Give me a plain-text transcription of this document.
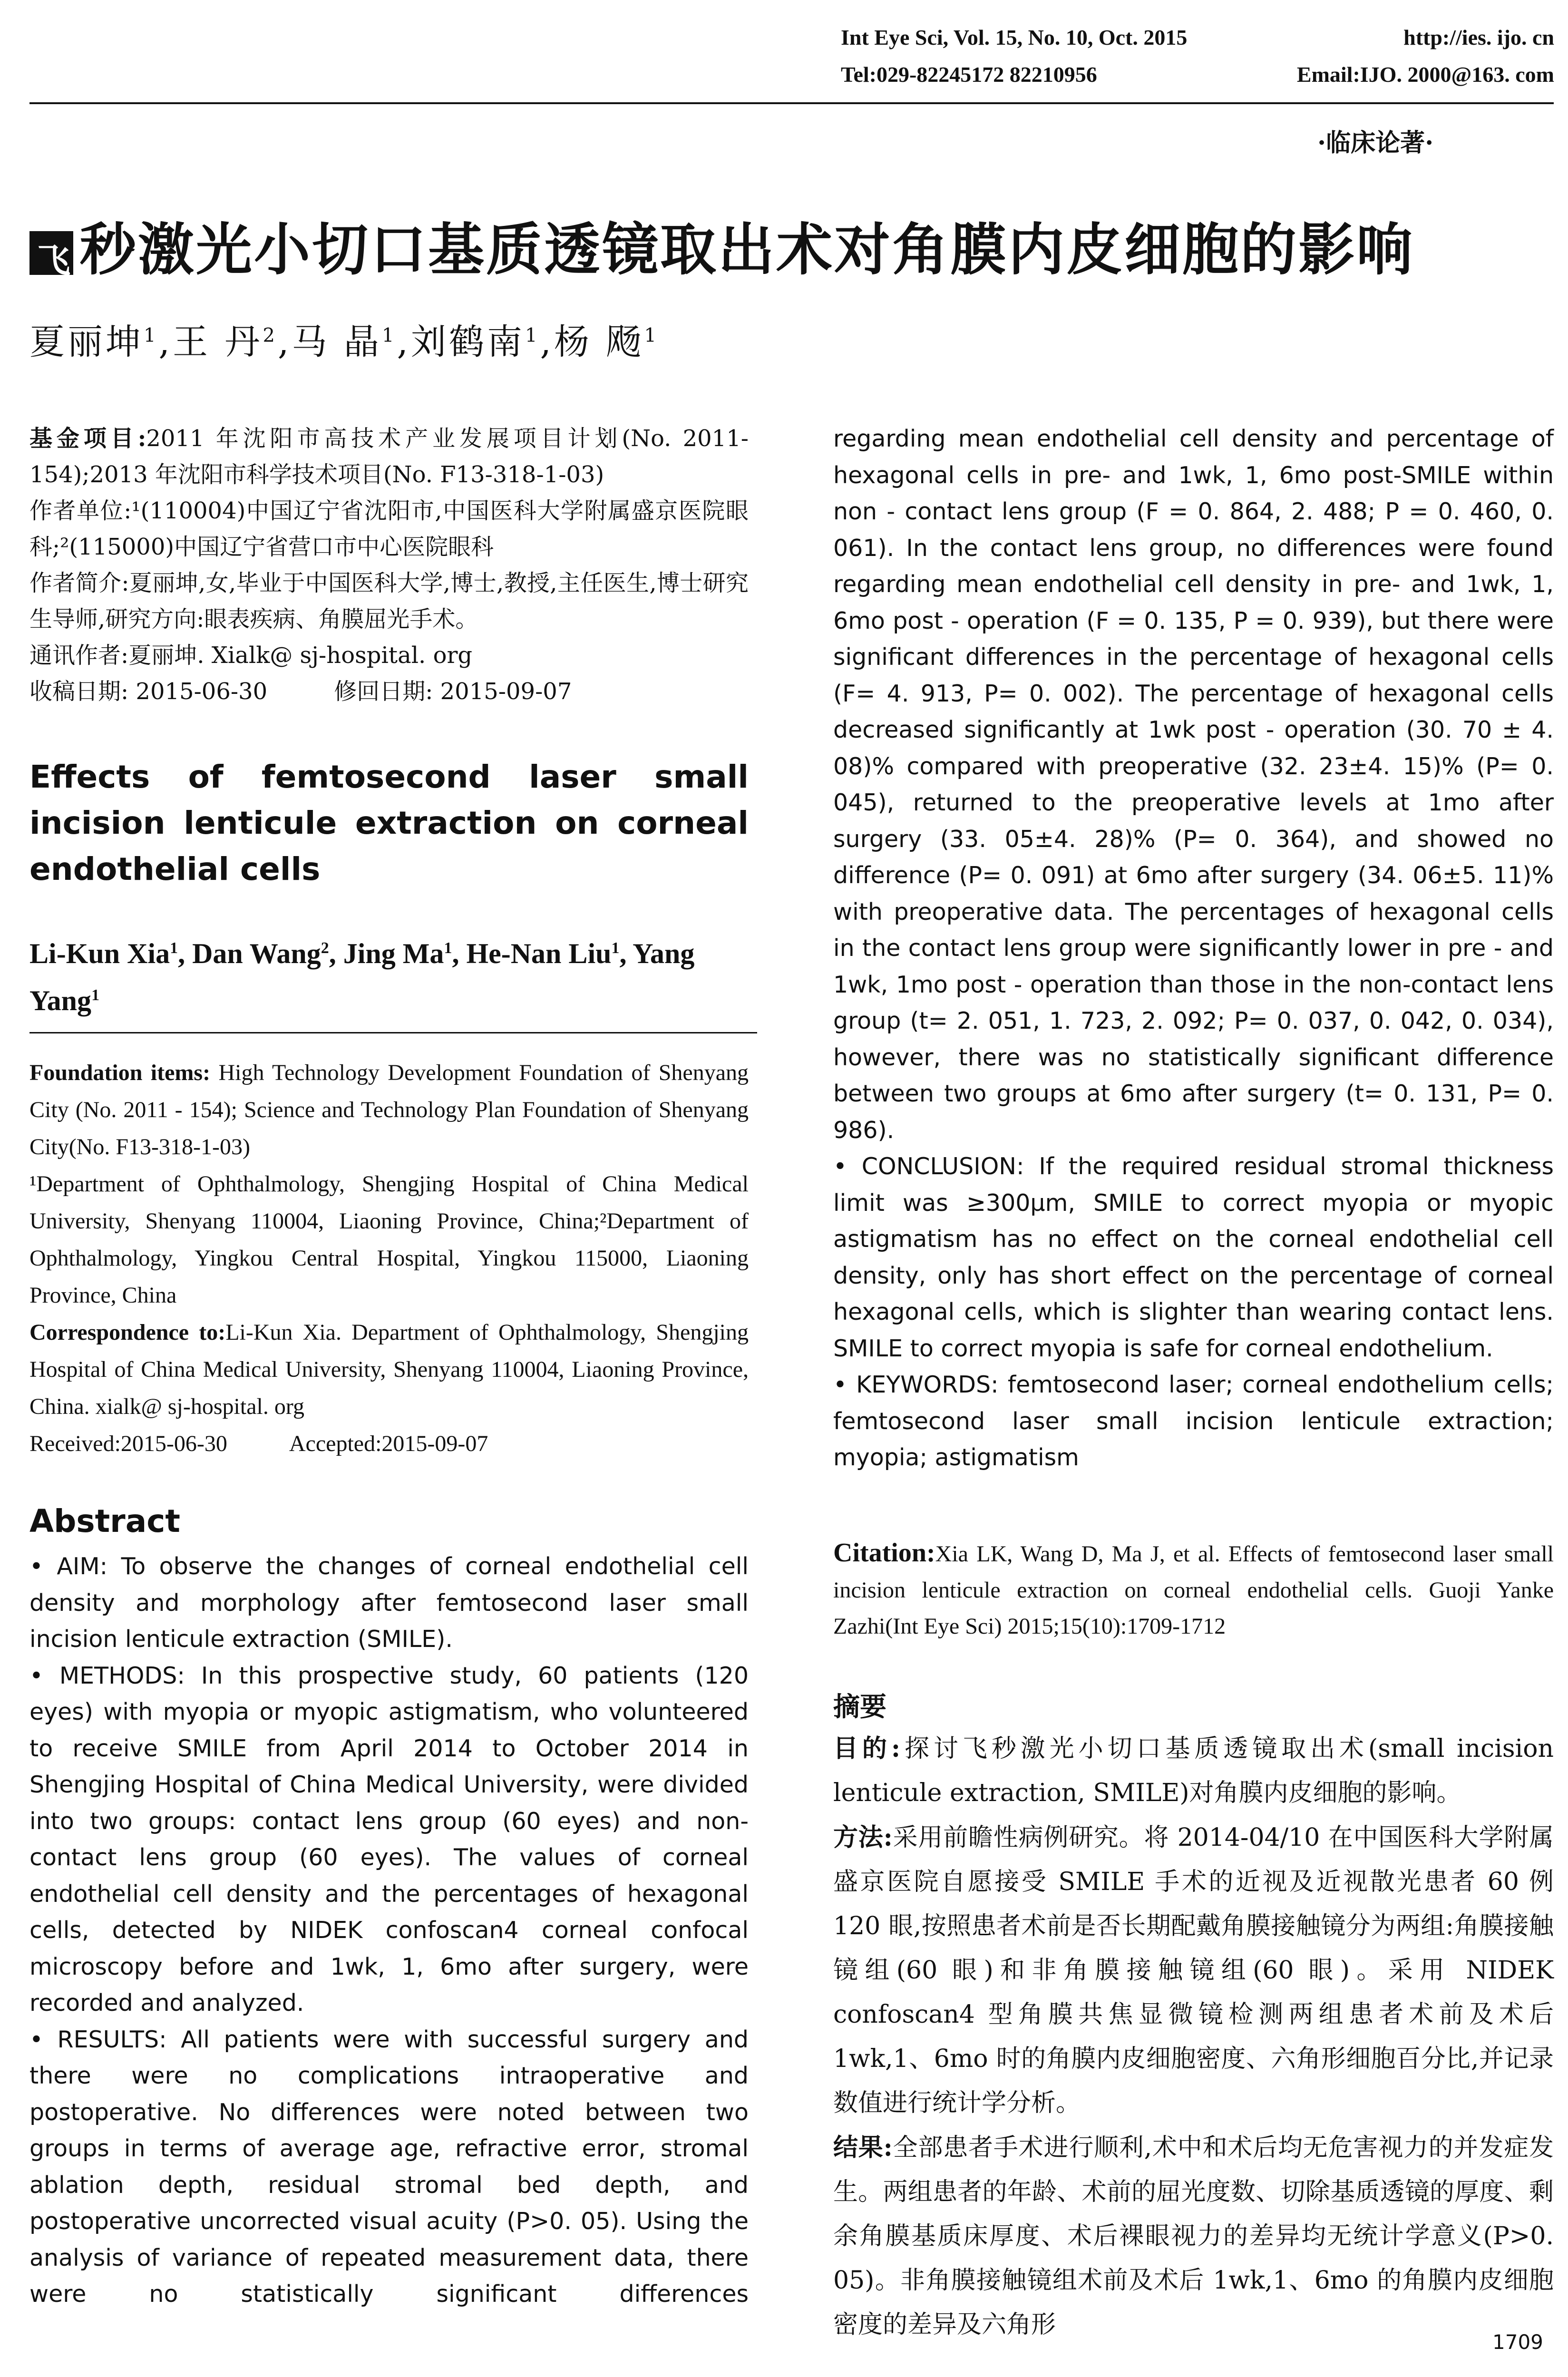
Int Eye Sci, Vol. 15, No. 10, Oct. 2015	http://ies. ijo. cn
Tel:029-82245172 82210956	Email:IJO. 2000@163. com
·临床论著·
飞 秒激光小切口基质透镜取出术对角膜内皮细胞的影响
夏丽坤$^1$,王 丹$^2$,马 晶$^1$,刘鹤南$^1$,杨 飏$^1$

基金项目:2011 年沈阳市高技术产业发展项目计划(No. 2011-154);2013 年沈阳市科学技术项目(No. F13-318-1-03)

作者单位:¹(110004)中国辽宁省沈阳市,中国医科大学附属盛京医院眼科;²(115000)中国辽宁省营口市中心医院眼科

作者简介:夏丽坤,女,毕业于中国医科大学,博士,教授,主任医生,博士研究生导师,研究方向:眼表疾病、角膜屈光手术。

通讯作者:夏丽坤. Xialk@ sj-hospital. org

收稿日期: 2015-06-30	修回日期: 2015-09-07

Effects of femtosecond laser small incision lenticule extraction on corneal endothelial cells
Li-Kun Xia$^1$, Dan Wang$^2$, Jing Ma$^1$, He-Nan Liu$^1$, Yang Yang$^1$

Foundation items: High Technology Development Foundation of Shenyang City (No. 2011 - 154); Science and Technology Plan Foundation of Shenyang City(No. F13-318-1-03)

¹Department of Ophthalmology, Shengjing Hospital of China Medical University, Shenyang 110004, Liaoning Province, China;²Department of Ophthalmology, Yingkou Central Hospital, Yingkou 115000, Liaoning Province, China

Correspondence to:Li-Kun Xia. Department of Ophthalmology, Shengjing Hospital of China Medical University, Shenyang 110004, Liaoning Province, China. xialk@ sj-hospital. org

Received:2015-06-30	Accepted:2015-09-07

Abstract

• AIM: To observe the changes of corneal endothelial cell density and morphology after femtosecond laser small incision lenticule extraction (SMILE).

• METHODS: In this prospective study, 60 patients (120 eyes) with myopia or myopic astigmatism, who volunteered to receive SMILE from April 2014 to October 2014 in Shengjing Hospital of China Medical University, were divided into two groups: contact lens group (60 eyes) and non-contact lens group (60 eyes). The values of corneal endothelial cell density and the percentages of hexagonal cells, detected by NIDEK confoscan4 corneal confocal microscopy before and 1wk, 1, 6mo after surgery, were recorded and analyzed.

• RESULTS: All patients were with successful surgery and there were no complications intraoperative and postoperative. No differences were noted between two groups in terms of average age, refractive error, stromal ablation depth, residual stromal bed depth, and postoperative uncorrected visual acuity (P>0. 05). Using the analysis of variance of repeated measurement data, there were no statistically significant differences

regarding mean endothelial cell density and percentage of hexagonal cells in pre- and 1wk, 1, 6mo post-SMILE within non - contact lens group (F = 0. 864, 2. 488; P = 0. 460, 0. 061). In the contact lens group, no differences were found regarding mean endothelial cell density in pre- and 1wk, 1, 6mo post - operation (F = 0. 135, P = 0. 939), but there were significant differences in the percentage of hexagonal cells (F= 4. 913, P= 0. 002). The percentage of hexagonal cells decreased significantly at 1wk post - operation (30. 70 ± 4. 08)% compared with preoperative (32. 23±4. 15)% (P= 0. 045), returned to the preoperative levels at 1mo after surgery (33. 05±4. 28)% (P= 0. 364), and showed no difference (P= 0. 091) at 6mo after surgery (34. 06±5. 11)% with preoperative data. The percentages of hexagonal cells in the contact lens group were significantly lower in pre - and 1wk, 1mo post - operation than those in the non-contact lens group (t= 2. 051, 1. 723, 2. 092; P= 0. 037, 0. 042, 0. 034), however, there was no statistically significant difference between two groups at 6mo after surgery (t= 0. 131, P= 0. 986).

• CONCLUSION: If the required residual stromal thickness limit was ≥300μm, SMILE to correct myopia or myopic astigmatism has no effect on the corneal endothelial cell density, only has short effect on the percentage of corneal hexagonal cells, which is slighter than wearing contact lens. SMILE to correct myopia is safe for corneal endothelium.

• KEYWORDS: femtosecond laser; corneal endothelium cells; femtosecond laser small incision lenticule extraction; myopia; astigmatism

Citation:Xia LK, Wang D, Ma J, et al. Effects of femtosecond laser small incision lenticule extraction on corneal endothelial cells. Guoji Yanke Zazhi(Int Eye Sci) 2015;15(10):1709-1712
摘要

目的:探讨飞秒激光小切口基质透镜取出术(small incision lenticule extraction, SMILE)对角膜内皮细胞的影响。

方法:采用前瞻性病例研究。将 2014-04/10 在中国医科大学附属盛京医院自愿接受 SMILE 手术的近视及近视散光患者 60 例 120 眼,按照患者术前是否长期配戴角膜接触镜分为两组:角膜接触镜组(60 眼)和非角膜接触镜组(60 眼)。采用 NIDEK confoscan4 型角膜共焦显微镜检测两组患者术前及术后 1wk,1、6mo 时的角膜内皮细胞密度、六角形细胞百分比,并记录数值进行统计学分析。

结果:全部患者手术进行顺利,术中和术后均无危害视力的并发症发生。两组患者的年龄、术前的屈光度数、切除基质透镜的厚度、剩余角膜基质床厚度、术后裸眼视力的差异均无统计学意义(P>0. 05)。非角膜接触镜组术前及术后 1wk,1、6mo 的角膜内皮细胞密度的差异及六角形

1709
